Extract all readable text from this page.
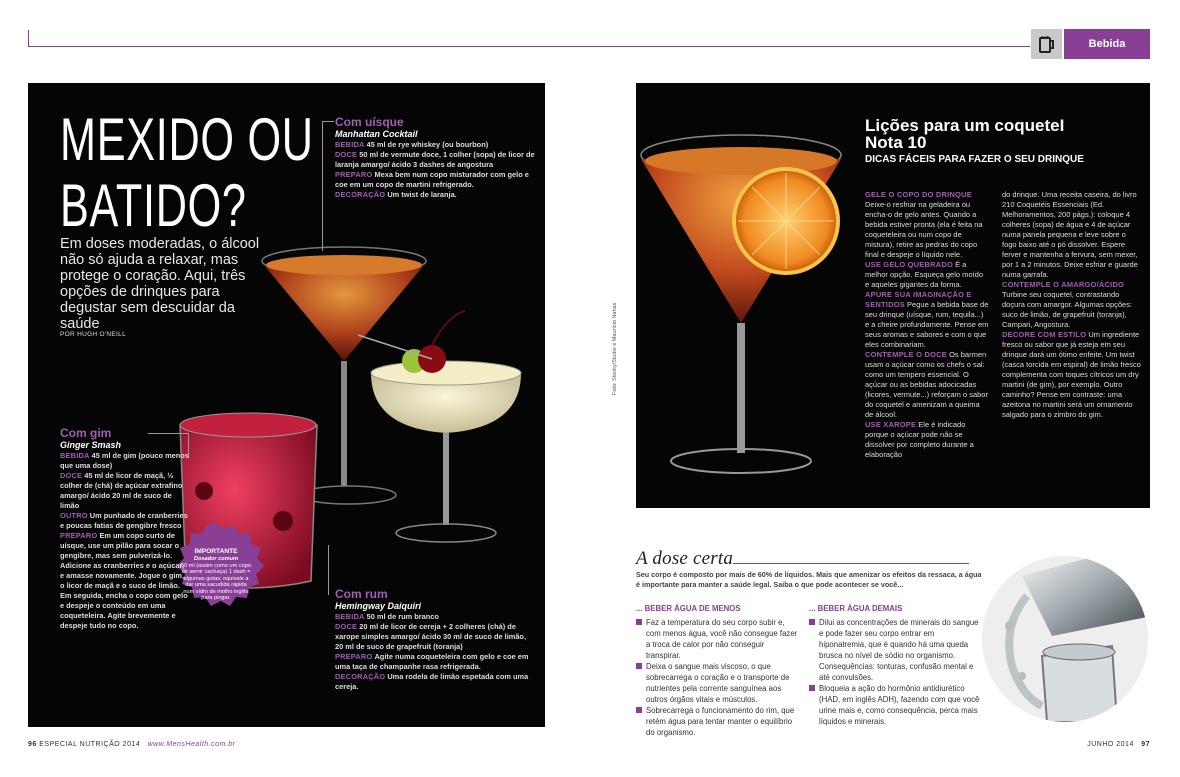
Bebida
MEXIDO OU
BATIDO?
Em doses moderadas, o álcool não só ajuda a relaxar, mas protege o coração. Aqui, três opções de drinques para degustar sem descuidar da saúde
POR HUGH O'NEILL
Com uísque
Manhattan Cocktail
BEBIDA 45 ml de rye whiskey (ou bourbon)
DOCE 50 ml de vermute doce, 1 colher (sopa) de licor de laranja amargo/ ácido 3 dashes de angostura
PREPARO Mexa bem num copo misturador com gelo e coe em um copo de martini refrigerado.
DECORAÇÃO Um twist de laranja.
Com gim
Ginger Smash
BEBIDA 45 ml de gim (pouco menos que uma dose)
DOCE 45 ml de licor de maçã, ½ colher de (chá) de açúcar extrafino amargo/ ácido 20 ml de suco de limão
OUTRO Um punhado de cranberries e poucas fatias de gengibre fresco
PREPARO Em um copo curto de uísque, use um pilão para socar o gengibre, mas sem pulverizá-lo. Adicione as cranberries e o açúcar, e amasse novamente. Jogue o gim, o licor de maçã e o suco de limão. Em seguida, encha o copo com gelo e despeje o conteúdo em uma coqueteleira. Agite brevemente e despeje tudo no copo.
Com rum
Hemingway Daiquiri
BEBIDA 50 ml de rum branco
DOCE 20 ml de licor de cereja + 2 colheres (chá) de xarope simples amargo/ ácido 30 ml de suco de limão, 20 ml de suco de grapefruit (toranja)
PREPARO Agite numa coqueteleira com gelo e coe em uma taça de champanhe rasa refrigerada.
DECORAÇÃO Uma rodela de limão espetada com uma cereja.
IMPORTANTE
Dosador comum
50 ml (assim como um copo de servir cachaça) 1 dash = algumas gotas; equivale a dar uma sacudida rápida num vidro de molho inglês para pingar.
Lições para um coqueteI Nota 10
DICAS FÁCEIS PARA FAZER O SEU DRINQUE
GELE O COPO DO DRINQUE Deixe-o resfriar na geladeira ou encha-o de gelo antes. Quando a bebida estiver pronta (ela é feita na coqueteleira ou num copo de mistura), retire as pedras do copo final e despeje o líquido nele.
USE GELO QUEBRADO É a melhor opção. Esqueça gelo moído e aqueles gigantes da forma.
APURE SUA IMAGINAÇÃO E SENTIDOS Pegue a bebida base de seu drinque (uísque, rum, tequila...) e a cheire profundamente. Pense em seus aromas e sabores e com o que eles combinariam.
CONTEMPLE O DOCE Os barmen usam o açúcar como os chefs o sal: como um tempero essencial. O açúcar ou as bebidas adocicadas (licores, vermute...) reforçam o sabor do coquetel e amenizam a queima de álcool.
USE XAROPE Ele é indicado porque o açúcar pode não se dissolver por completo durante a elaboração
do drinque. Uma receita caseira, do livro 210 Coquetéis Essenciais (Ed. Melhoramentos, 200 págs.): coloque 4 colheres (sopa) de água e 4 de açúcar numa panela pequena e leve sobre o fogo baixo até o pó dissolver. Espere ferver e mantenha a fervura, sem mexer, por 1 a 2 minutos. Deixe esfriar e guarde numa garrafa.
CONTEMPLE O AMARGO/ÁCIDO Turbine seu coquetel, contrastando doçura com amargor. Algumas opções: suco de limão, de grapefruit (toranja), Campari, Angostura.
DECORE COM ESTILO Um ingrediente fresco ou sabor que já esteja em seu drinque dará um ótimo enfeite. Um twist (casca torcida em espiral) de limão fresco complementa com toques cítricos um dry martini (de gim), por exemplo. Outro caminho? Pense em contraste: uma azeitona no martini será um ornamento salgado para o zimbro do gim.
Foto: Stocky/Studio e Maurício Nahas
A dose certa
Seu corpo é composto por mais de 60% de líquidos. Mais que amenizar os efeitos da ressaca, a água é importante para manter a saúde legal. Saiba o que pode acontecer se você...
... BEBER ÁGUA DE MENOS
Faz a temperatura do seu corpo subir e, com menos água, você não consegue fazer a troca de calor por não conseguir transpirar.
Deixa o sangue mais viscoso, o que sobrecarrega o coração e o transporte de nutrientes pela corrente sanguínea aos outros órgãos vitais e músculos.
Sobrecarrega o funcionamento do rim, que retém água para tentar manter o equilíbrio do organismo.
... BEBER ÁGUA DEMAIS
Dilui as concentrações de minerais do sangue e pode fazer seu corpo entrar em hiponatremia, que é quando há uma queda brusca no nível de sódio no organismo. Consequências: tonturas, confusão mental e até convulsões.
Bloqueia a ação do hormônio antidiurético (HAD, em inglês ADH), fazendo com que você urine mais e, como consequência, perca mais líquidos e minerais.
96 ESPECIAL NUTRIÇÃO 2014 www.MensHealth.com.br	JUNHO 2014 97
